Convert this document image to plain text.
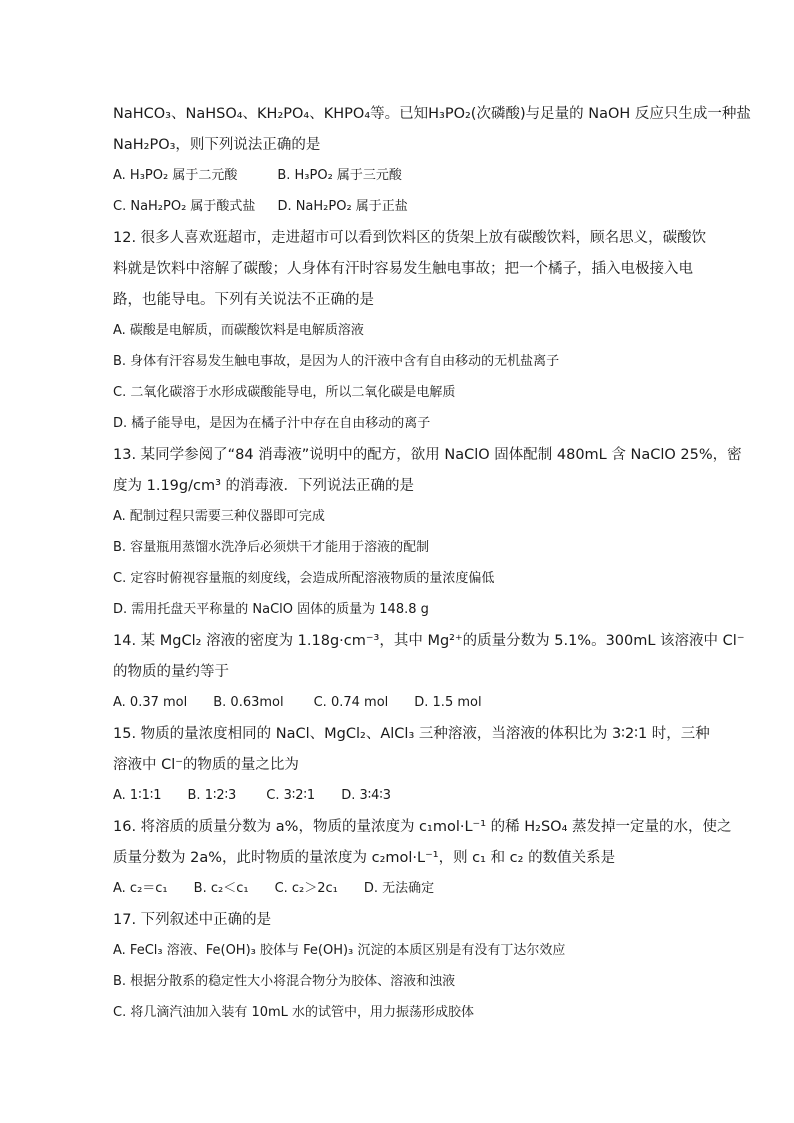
NaHCO₃、NaHSO₄、KH₂PO₄、KHPO₄等。已知H₃PO₂(次磷酸)与足量的 NaOH 反应只生成一种盐
NaH₂PO₃，则下列说法正确的是
A. H₃PO₂ 属于二元酸	B. H₃PO₂ 属于三元酸
C. NaH₂PO₂ 属于酸式盐 D. NaH₂PO₂ 属于正盐
12. 很多人喜欢逛超市，走进超市可以看到饮料区的货架上放有碳酸饮料，顾名思义，碳酸饮
料就是饮料中溶解了碳酸；人身体有汗时容易发生触电事故；把一个橘子，插入电极接入电
路，也能导电。下列有关说法不正确的是
A. 碳酸是电解质，而碳酸饮料是电解质溶液
B. 身体有汗容易发生触电事故，是因为人的汗液中含有自由移动的无机盐离子
C. 二氧化碳溶于水形成碳酸能导电，所以二氧化碳是电解质
D. 橘子能导电，是因为在橘子汁中存在自由移动的离子
13. 某同学参阅了“84 消毒液”说明中的配方，欲用 NaClO 固体配制 480mL 含 NaClO 25%，密
度为 1.19g/cm³ 的消毒液．下列说法正确的是
A. 配制过程只需要三种仪器即可完成
B. 容量瓶用蒸馏水洗净后必须烘干才能用于溶液的配制
C. 定容时俯视容量瓶的刻度线，会造成所配溶液物质的量浓度偏低
D. 需用托盘天平称量的 NaClO 固体的质量为 148.8 g
14. 某 MgCl₂ 溶液的密度为 1.18g·cm⁻³，其中 Mg²⁺的质量分数为 5.1%。300mL 该溶液中 Cl⁻
的物质的量约等于
A. 0.37 mol B. 0.63mol C. 0.74 mol D. 1.5 mol
15. 物质的量浓度相同的 NaCl、MgCl₂、AlCl₃ 三种溶液，当溶液的体积比为 3∶2∶1 时，三种
溶液中 Cl⁻的物质的量之比为
A. 1∶1∶1 B. 1∶2∶3 C. 3∶2∶1 D. 3∶4∶3
16. 将溶质的质量分数为 a%，物质的量浓度为 c₁mol·L⁻¹ 的稀 H₂SO₄ 蒸发掉一定量的水，使之
质量分数为 2a%，此时物质的量浓度为 c₂mol·L⁻¹，则 c₁ 和 c₂ 的数值关系是
A. c₂＝c₁ B. c₂＜c₁ C. c₂＞2c₁ D. 无法确定
17. 下列叙述中正确的是
A. FeCl₃ 溶液、Fe(OH)₃ 胶体与 Fe(OH)₃ 沉淀的本质区别是有没有丁达尔效应
B. 根据分散系的稳定性大小将混合物分为胶体、溶液和浊液
C. 将几滴汽油加入装有 10mL 水的试管中，用力振荡形成胶体
